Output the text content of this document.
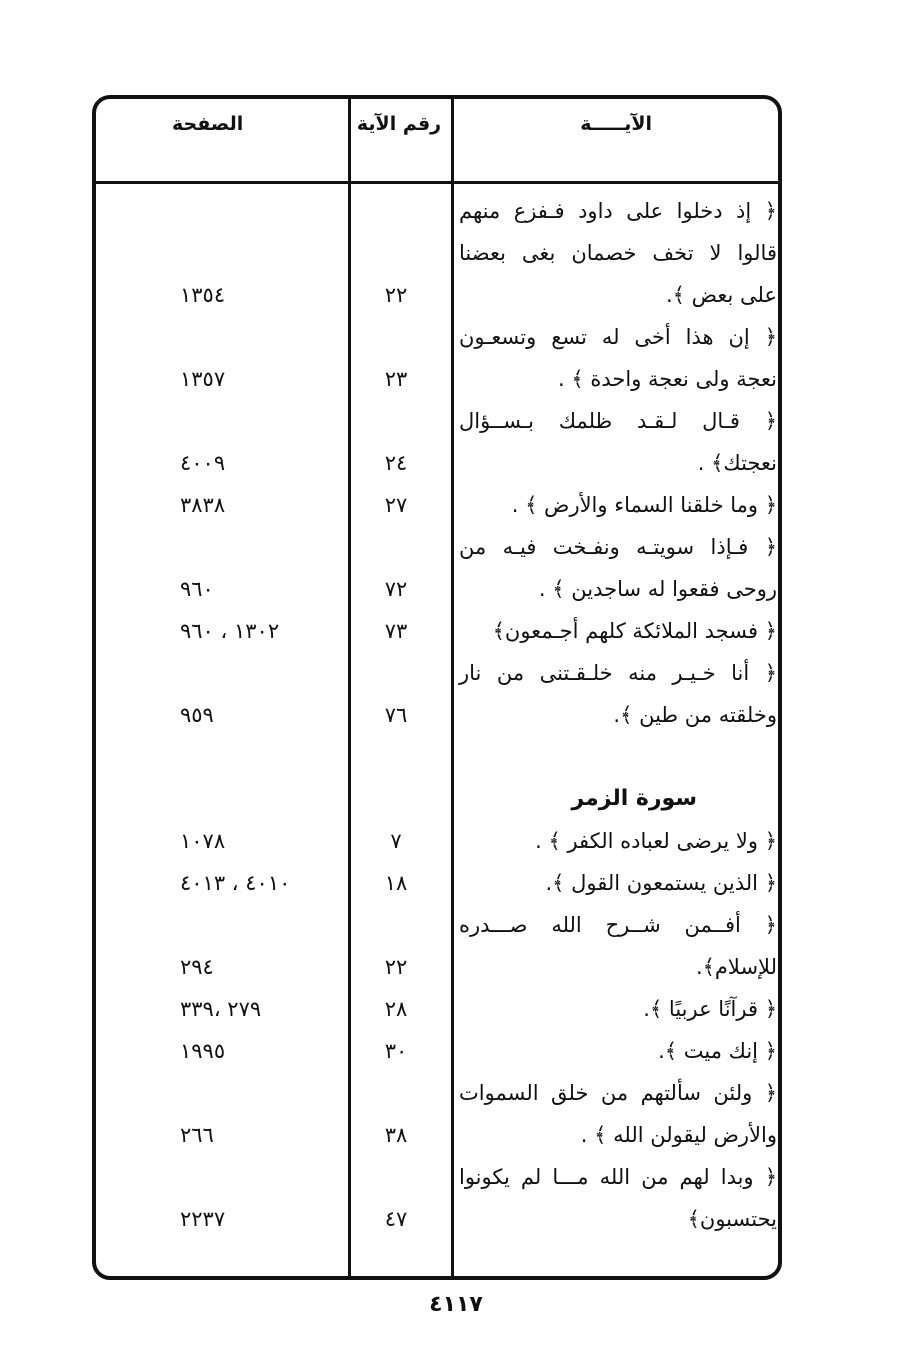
الآيـــــة
رقم الآية
الصفحة
﴿ إذ دخلوا على داود فـفزع منهم
قالوا لا تخف خصمان بغى بعضنا
على بعض ﴾.
٢٢
١٣٥٤
﴿ إن هذا أخى له تسع وتسعـون
نعجة ولى نعجة واحدة ﴾ .
٢٣
١٣٥٧
﴿ قـال لـقـد ظلمك بـســؤال
نعجتك﴾ .
٢٤
٤٠٠٩
﴿ وما خلقنا السماء والأرض ﴾ .
٢٧
٣٨٣٨
﴿ فـإذا سويتـه ونفـخت فيـه من
روحى فقعوا له ساجدين ﴾ .
٧٢
٩٦٠
﴿ فسجد الملائكة كلهم أجـمعون﴾
٧٣
١٣٠٢ ، ٩٦٠
﴿ أنا خـيـر منه خلـقـتنى من نار
وخلقته من طين ﴾.
٧٦
٩٥٩
سورة الزمر
﴿ ولا يرضى لعباده الكفر ﴾ .
٧
١٠٧٨
﴿ الذين يستمعون القول ﴾.
١٨
٤٠١٠ ، ٤٠١٣
﴿ أفــمن شــرح الله صـــدره
للإسلام﴾.
٢٢
٢٩٤
﴿ قرآنًا عربيًا ﴾.
٢٨
٢٧٩ ،٣٣٩
﴿ إنك ميت ﴾.
٣٠
١٩٩٥
﴿ ولئن سألتهم من خلق السموات
والأرض ليقولن الله ﴾ .
٣٨
٢٦٦
﴿ وبدا لهم من الله مـــا لم يكونوا
يحتسبون﴾
٤٧
٢٢٣٧
٤١١٧
